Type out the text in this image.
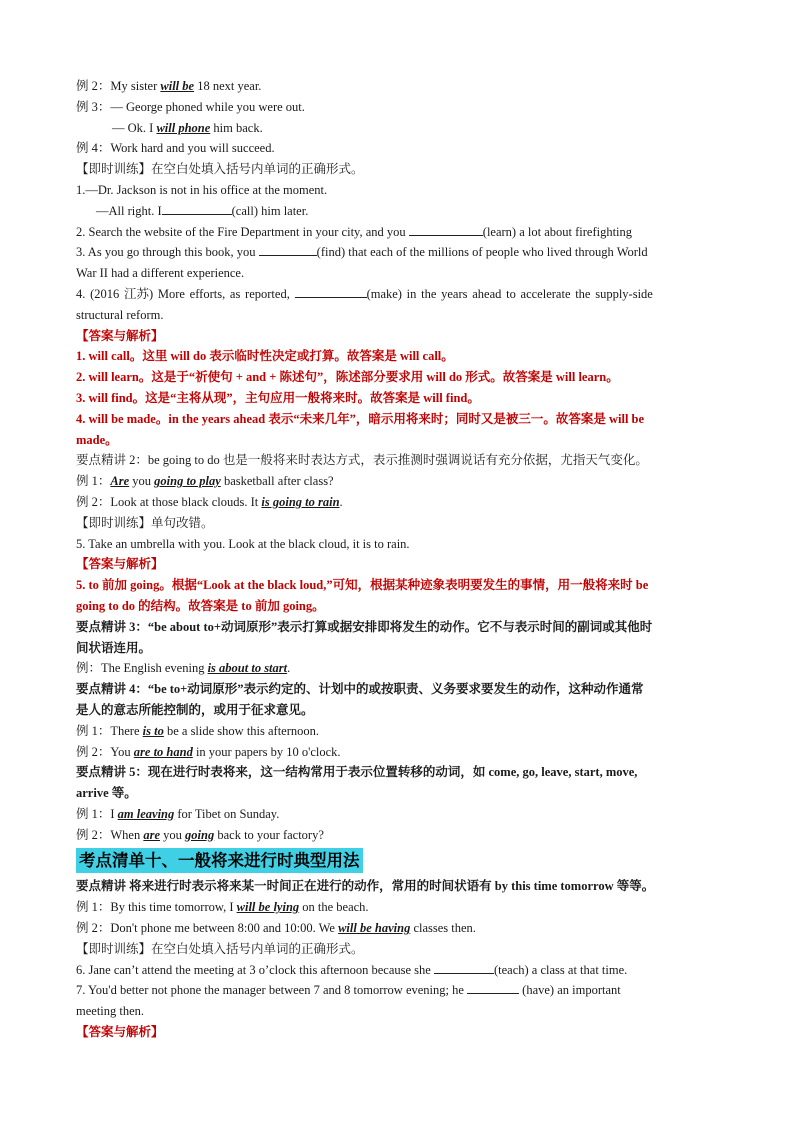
例 2：My sister will be 18 next year.
例 3：— George phoned while you were out.
— Ok. I will phone him back.
例 4：Work hard and you will succeed.
【即时训练】在空白处填入括号内单词的正确形式。
1.—Dr. Jackson is not in his office at the moment.
—All right. I	(call) him later.
2. Search the website of the Fire Department in your city, and you	(learn) a lot about firefighting
3. As you go through this book, you	(find) that each of the millions of people who lived through World
War II had a different experience.
4. (2016 江苏) More efforts, as reported,	(make) in the years ahead to accelerate the supply-side
structural reform.
【答案与解析】
1. will call。这里 will do 表示临时性决定或打算。故答案是 will call。
2. will learn。这是于“祈使句 + and + 陈述句”，陈述部分要求用 will do 形式。故答案是 will learn。
3. will find。这是“主将从现”，主句应用一般将来时。故答案是 will find。
4. will be made。in the years ahead 表示“未来几年”，暗示用将来时；同时又是被三一。故答案是 will be
made。
要点精讲 2：be going to do 也是一般将来时表达方式，表示推测时强调说话有充分依据，尤指天气变化。
例 1：Are you going to play basketball after class?
例 2：Look at those black clouds. It is going to rain.
【即时训练】单句改错。
5. Take an umbrella with you. Look at the black cloud, it is to rain.
【答案与解析】
5. to 前加 going。根据“Look at the black loud,”可知，根据某种迹象表明要发生的事情，用一般将来时 be
going to do 的结构。故答案是 to 前加 going。
要点精讲 3：“be about to+动词原形”表示打算或据安排即将发生的动作。它不与表示时间的副词或其他时
间状语连用。
例：The English evening is about to start.
要点精讲 4：“be to+动词原形”表示约定的、计划中的或按职责、义务要求要发生的动作，这种动作通常
是人的意志所能控制的，或用于征求意见。
例 1：There is to be a slide show this afternoon.
例 2：You are to hand in your papers by 10 o'clock.
要点精讲 5：现在进行时表将来，这一结构常用于表示位置转移的动词，如 come, go, leave, start, move,
arrive 等。
例 1：I am leaving for Tibet on Sunday.
例 2：When are you going back to your factory?
考点清单十、一般将来进行时典型用法
要点精讲 将来进行时表示将来某一时间正在进行的动作，常用的时间状语有 by this time tomorrow 等等。
例 1：By this time tomorrow, I will be lying on the beach.
例 2：Don't phone me between 8:00 and 10:00. We will be having classes then.
【即时训练】在空白处填入括号内单词的正确形式。
6. Jane can’t attend the meeting at 3 o’clock this afternoon because she	(teach) a class at that time.
7. You'd better not phone the manager between 7 and 8 tomorrow evening; he	(have) an important
meeting then.
【答案与解析】
